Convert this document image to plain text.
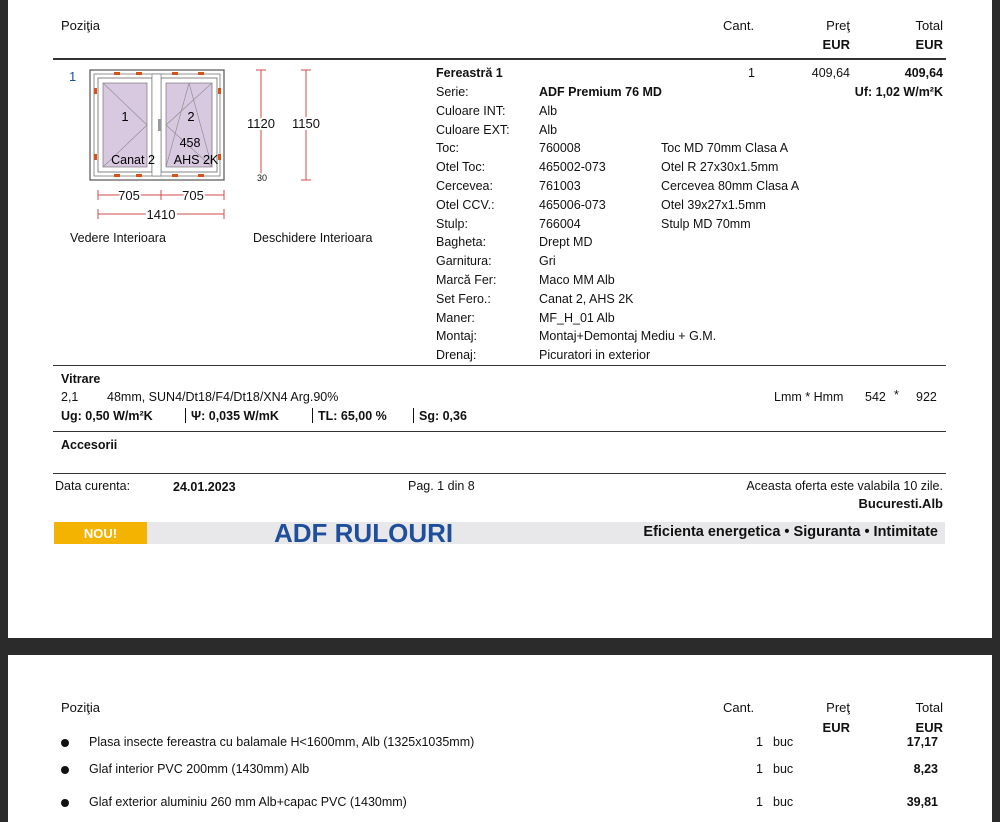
Poziţia	Cant.	Preţ	Total
EUR	EUR
1
1	2
458
Canat 2 AHS 2K
1120 1150
30
705	705
1410
Vedere Interioara	Deschidere Interioara
Fereastră 1	1	409,64	409,64
Uf: 1,02 W/m²K
Vitrare
2,1 48mm, SUN4/Dt18/F4/Dt18/XN4 Arg.90%	Lmm * Hmm 542 * 922
Ug: 0,50 W/m²K	Ψ: 0,035 W/mK	TL: 65,00 %	Sg: 0,36
Accesorii
Data curenta:	24.01.2023	Pag. 1 din 8	Aceasta oferta este valabila 10 zile.
Bucuresti.Alb
NOU!	ADF RULOURI	Eficienta energetica • Siguranta • Intimitate
Serie:	ADF Premium 76 MD
Culoare INT:	Alb
Culoare EXT: Alb
Toc:	760008	Toc MD 70mm Clasa A
Otel Toc:	465002-073	Otel R 27x30x1.5mm
Cercevea:	761003	Cercevea 80mm Clasa A
Otel CCV.:	465006-073	Otel 39x27x1.5mm
Stulp:	766004	Stulp MD 70mm
Bagheta:	Drept MD
Garnitura:	Gri
Marcă Fer:	Maco MM Alb
Set Fero.:	Canat 2, AHS 2K
Maner:	MF_H_01 Alb
Montaj:	Montaj+Demontaj Mediu + G.M.
Drenaj:	Picuratori in exterior
Poziţia	Cant.	Preţ	Total
EUR	EUR
Plasa insecte fereastra cu balamale H<1600mm, Alb (1325x1035mm)	1 buc	17,17
Glaf interior PVC 200mm (1430mm) Alb	1 buc	8,23
Glaf exterior aluminiu 260 mm Alb+capac PVC (1430mm)	1 buc	39,81
